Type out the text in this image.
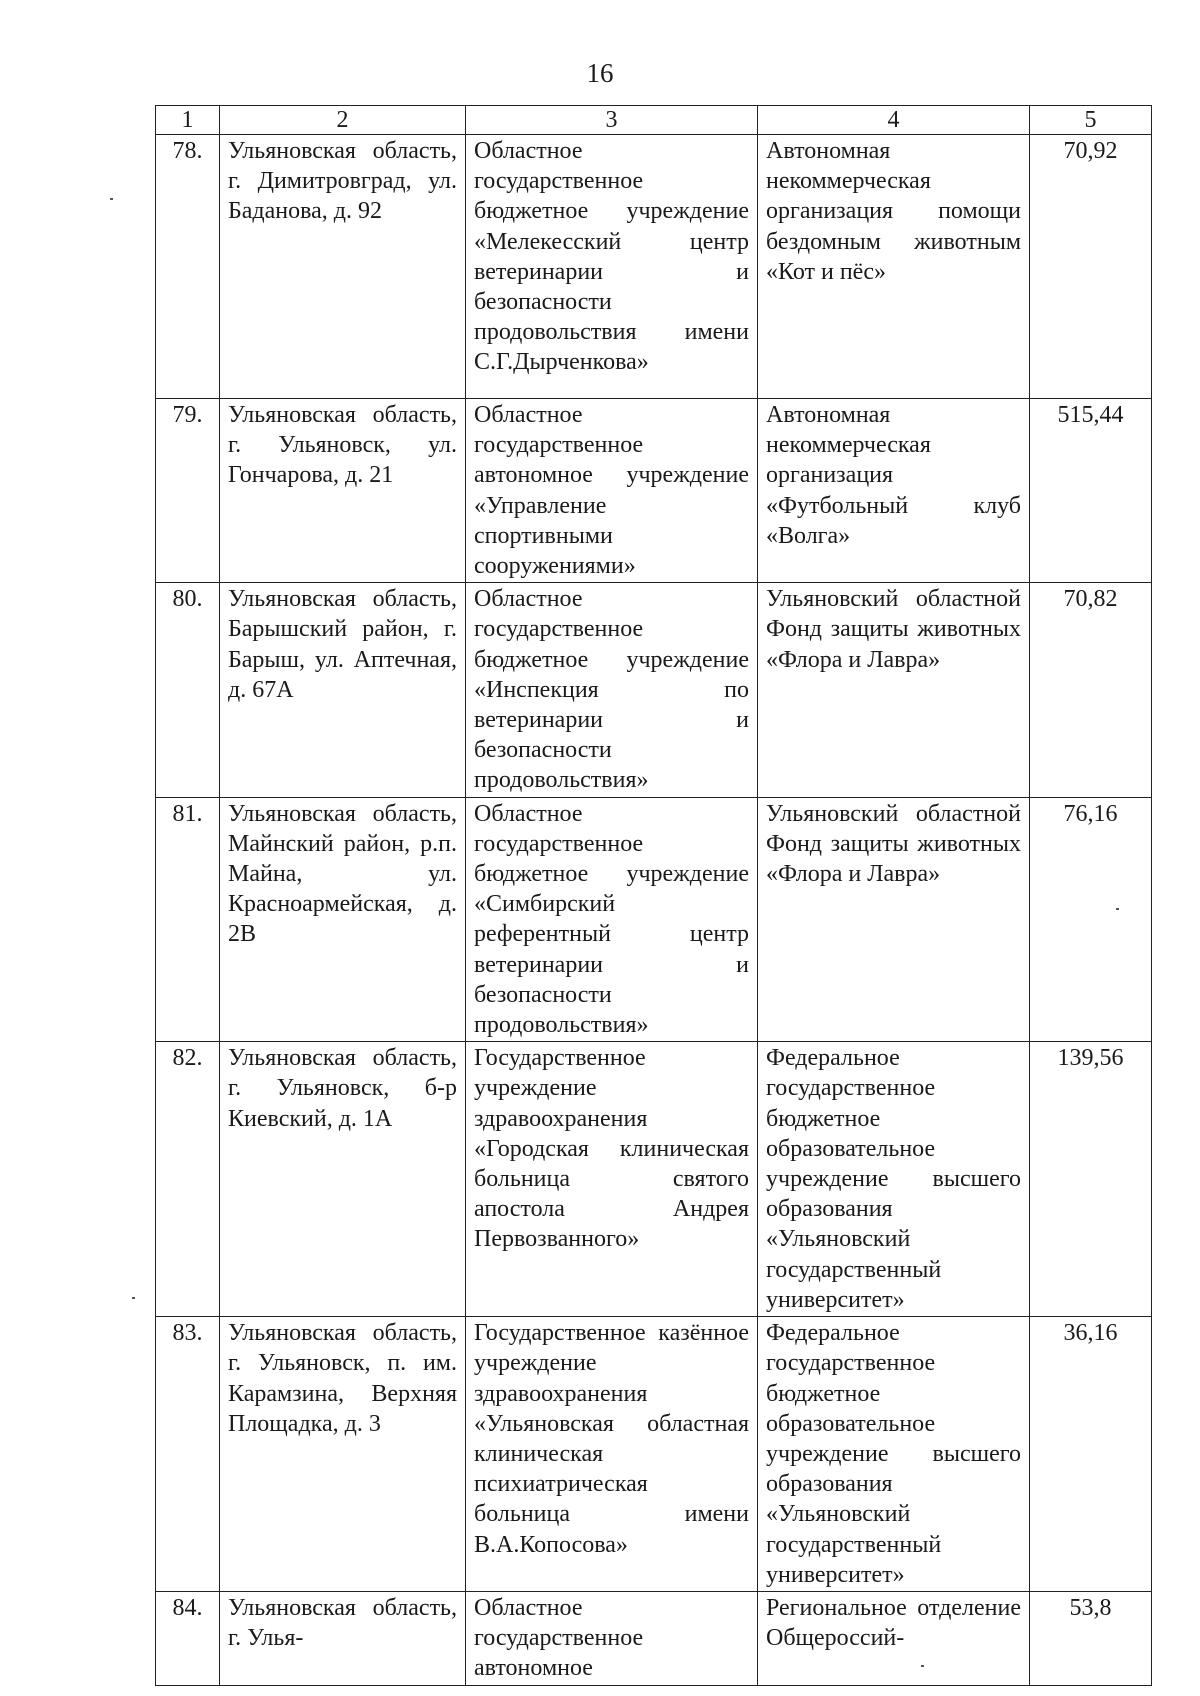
16
1	2	3	4	5
78.	Ульяновская область, г. Димитровград, ул. Баданова, д. 92	Областное государственное бюджетное учреждение «Мелекесский центр ветеринарии и безопасности продовольствия имени С.Г.Дырченкова»	Автономная некоммерческая организация помощи бездомным животным «Кот и пёс»	70,92
79.	Ульяновская область, г. Ульяновск, ул. Гончарова, д. 21	Областное государственное автономное учреждение «Управление спортивными сооружениями»	Автономная некоммерческая организация «Футбольный клуб «Волга»	515,44
80.	Ульяновская область, Барышский район, г. Барыш, ул. Аптечная, д. 67А	Областное государственное бюджетное учреждение «Инспекция по ветеринарии и безопасности продовольствия»	Ульяновский областной Фонд защиты животных «Флора и Лавра»	70,82
81.	Ульяновская область, Майнский район, р.п. Майна, ул. Красноармейская, д. 2В	Областное государственное бюджетное учреждение «Симбирский референтный центр ветеринарии и безопасности продовольствия»	Ульяновский областной Фонд защиты животных «Флора и Лавра»	76,16
82.	Ульяновская область, г. Ульяновск, б-р Киевский, д. 1А	Государственное учреждение здравоохранения «Городская клиническая больница святого апостола Андрея Первозванного»	Федеральное государственное бюджетное образовательное учреждение высшего образования «Ульяновский государственный университет»	139,56
83.	Ульяновская область, г. Ульяновск, п. им. Карамзина, Верхняя Площадка, д. 3	Государственное казённое учреждение здравоохранения «Ульяновская областная клиническая психиатрическая больница имени В.А.Копосова»	Федеральное государственное бюджетное образовательное учреждение высшего образования «Ульяновский государственный университет»	36,16
84.	Ульяновская область, г. Улья-	Областное государственное автономное	Региональное отделение Общероссий-	53,8
